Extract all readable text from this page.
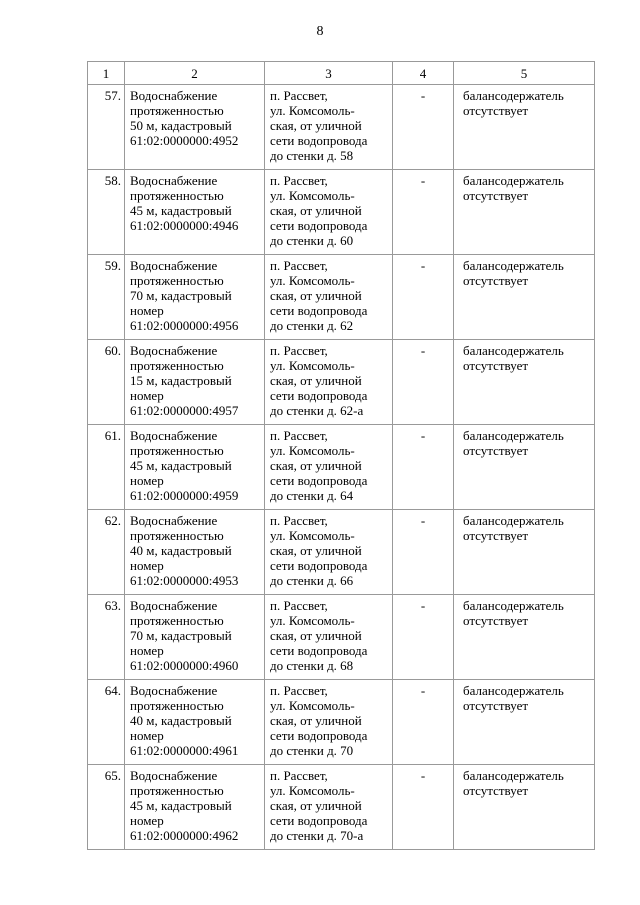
8
1	2	3	4	5
57.	Водоснабжение
протяженностью
50 м, кадастровый
61:02:0000000:4952	п. Рассвет,
ул. Комсомоль-
ская, от уличной
сети водопровода
до стенки д. 58	-	балансодержатель
отсутствует

58.	Водоснабжение
протяженностью
45 м, кадастровый
61:02:0000000:4946	п. Рассвет,
ул. Комсомоль-
ская, от уличной
сети водопровода
до стенки д. 60	-	балансодержатель
отсутствует

59.	Водоснабжение
протяженностью
70 м, кадастровый
номер
61:02:0000000:4956	п. Рассвет,
ул. Комсомоль-
ская, от уличной
сети водопровода
до стенки д. 62	-	балансодержатель
отсутствует

60.	Водоснабжение
протяженностью
15 м, кадастровый
номер
61:02:0000000:4957	п. Рассвет,
ул. Комсомоль-
ская, от уличной
сети водопровода
до стенки д. 62-а	-	балансодержатель
отсутствует

61.	Водоснабжение
протяженностью
45 м, кадастровый
номер
61:02:0000000:4959	п. Рассвет,
ул. Комсомоль-
ская, от уличной
сети водопровода
до стенки д. 64	-	балансодержатель
отсутствует

62.	Водоснабжение
протяженностью
40 м, кадастровый
номер
61:02:0000000:4953	п. Рассвет,
ул. Комсомоль-
ская, от уличной
сети водопровода
до стенки д. 66	-	балансодержатель
отсутствует

63.	Водоснабжение
протяженностью
70 м, кадастровый
номер
61:02:0000000:4960	п. Рассвет,
ул. Комсомоль-
ская, от уличной
сети водопровода
до стенки д. 68	-	балансодержатель
отсутствует

64.	Водоснабжение
протяженностью
40 м, кадастровый
номер
61:02:0000000:4961	п. Рассвет,
ул. Комсомоль-
ская, от уличной
сети водопровода
до стенки д. 70	-	балансодержатель
отсутствует

65.	Водоснабжение
протяженностью
45 м, кадастровый
номер
61:02:0000000:4962	п. Рассвет,
ул. Комсомоль-
ская, от уличной
сети водопровода
до стенки д. 70-а	-	балансодержатель
отсутствует
